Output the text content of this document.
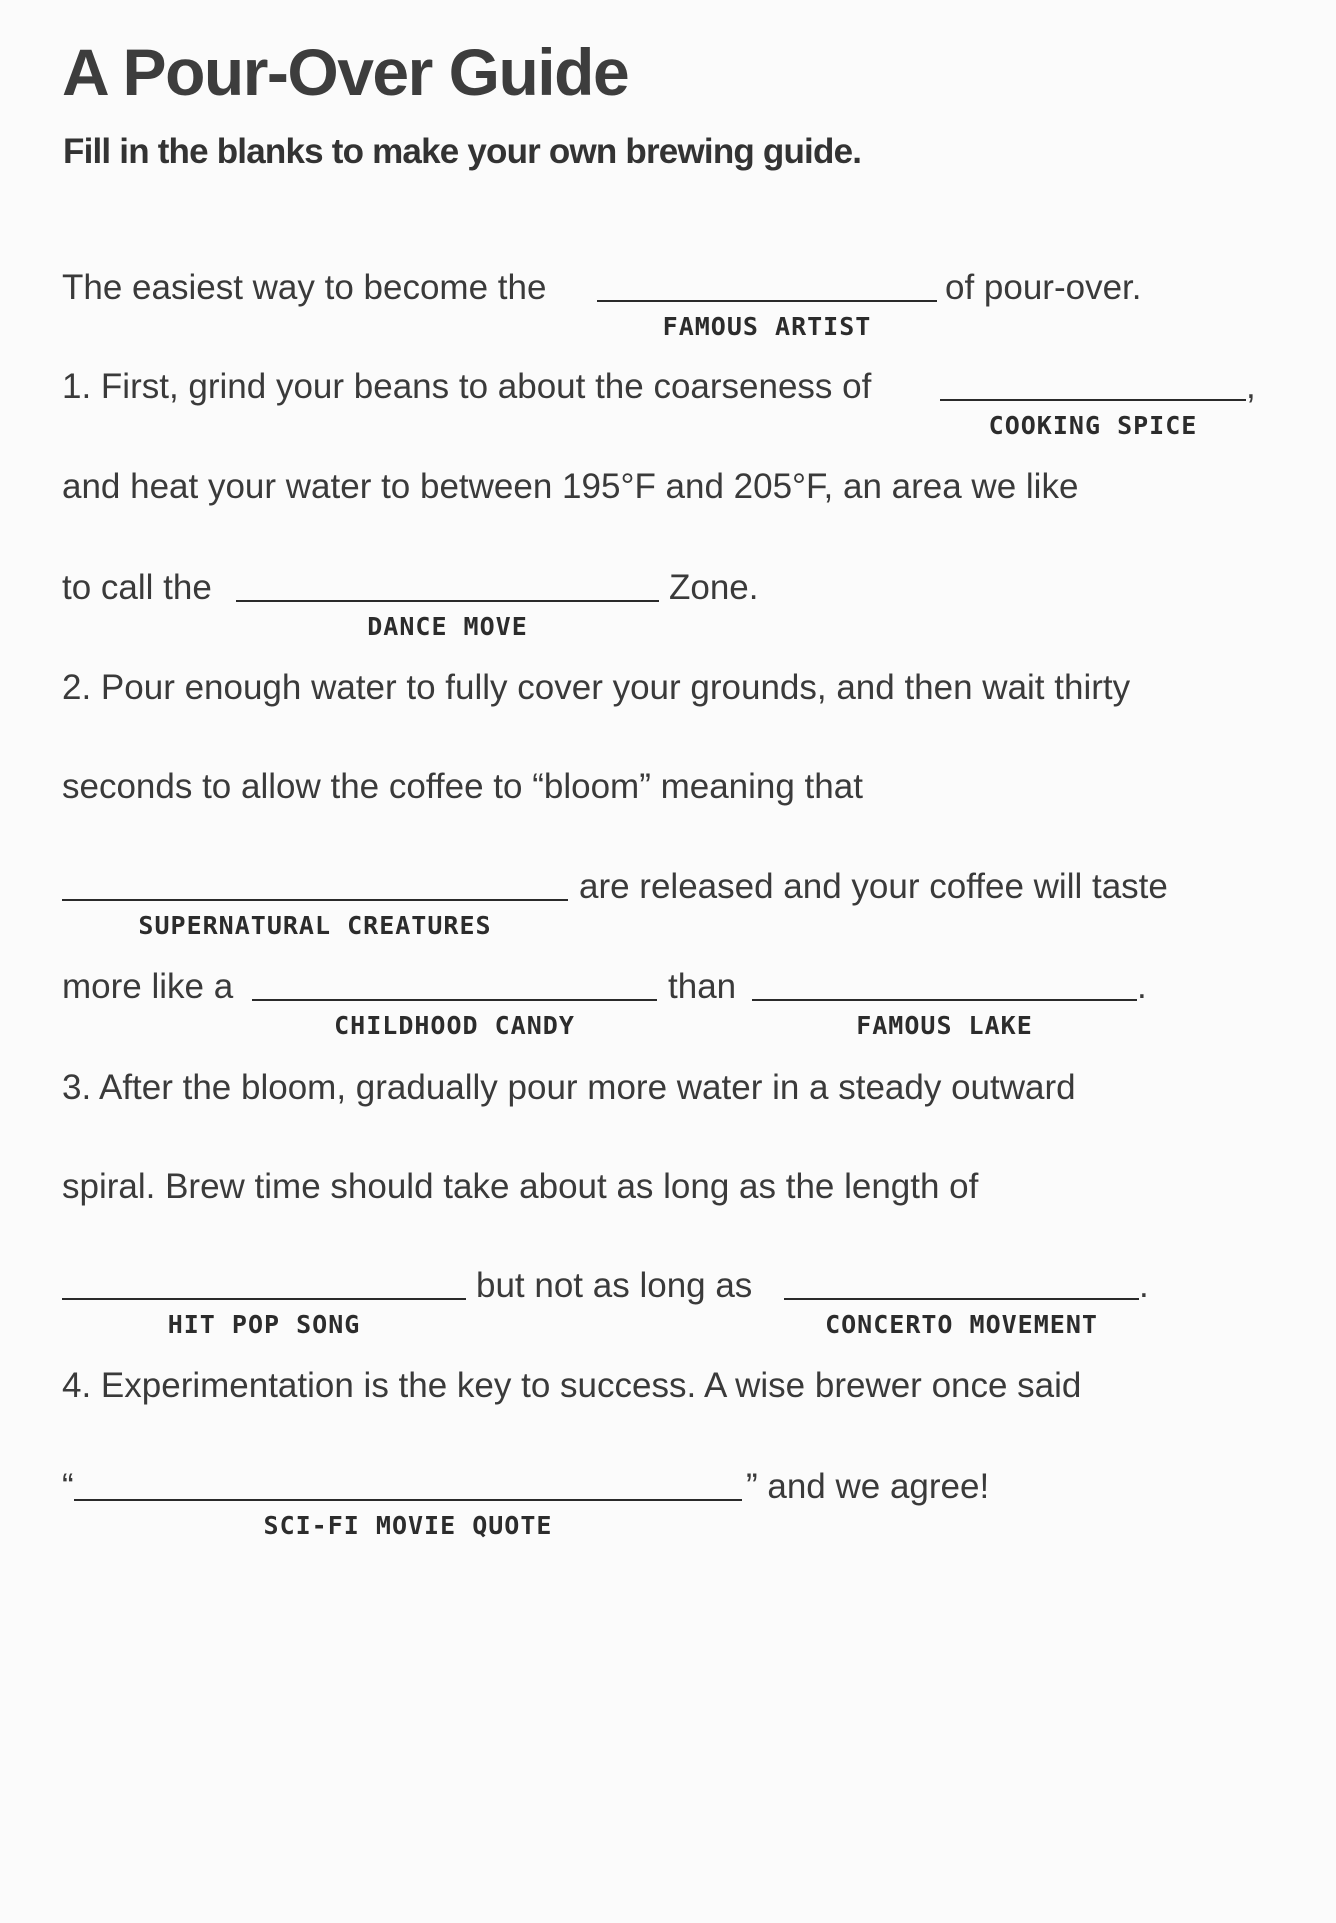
A Pour-Over Guide
Fill in the blanks to make your own brewing guide.
The easiest way to become the
FAMOUS ARTIST
of pour-over.
1. First, grind your beans to about the coarseness of
COOKING SPICE
,
and heat your water to between 195°F and 205°F, an area we like
to call the
DANCE MOVE
Zone.
2. Pour enough water to fully cover your grounds, and then wait thirty
seconds to allow the coffee to “bloom” meaning that
SUPERNATURAL CREATURES
are released and your coffee will taste
more like a
CHILDHOOD CANDY
than
FAMOUS LAKE
.
3. After the bloom, gradually pour more water in a steady outward
spiral. Brew time should take about as long as the length of
HIT POP SONG
but not as long as
CONCERTO MOVEMENT
.
4. Experimentation is the key to success. A wise brewer once said
“
SCI-FI MOVIE QUOTE
” and we agree!
